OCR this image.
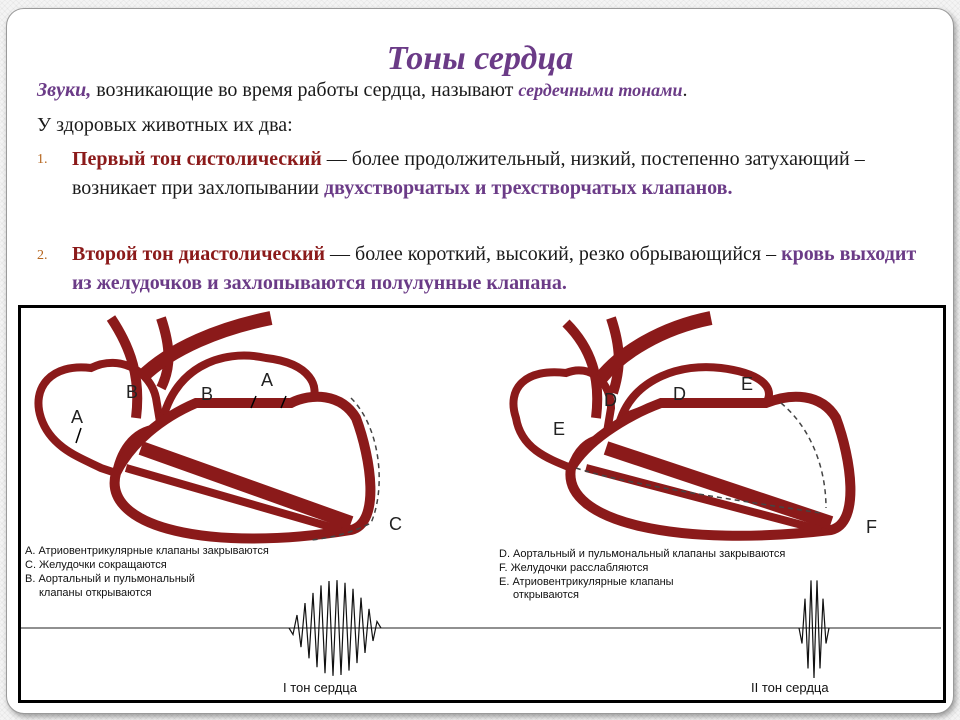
Тоны сердца
Звуки, возникающие во время работы сердца, называют сердечными тонами.
У здоровых животных их два:
1. Первый тон систолический — более продолжительный, низкий, постепенно затухающий – возникает при захлопывании двухстворчатых и трехстворчатых клапанов.
2. Второй тон диастолический — более короткий, высокий, резко обрывающийся – кровь выходит из желудочков и захлопываются полулунные клапана.
A
B	B
A
C
D	D	E
E
F
A. Атриовентрикулярные клапаны закрываются
C. Желудочки сокращаются
B. Аортальный и пульмональный
клапаны открываются
D. Аортальный и пульмональный клапаны закрываются
F. Желудочки расслабляются
E. Атриовентрикулярные клапаны
открываются
I тон сердца	II тон сердца
